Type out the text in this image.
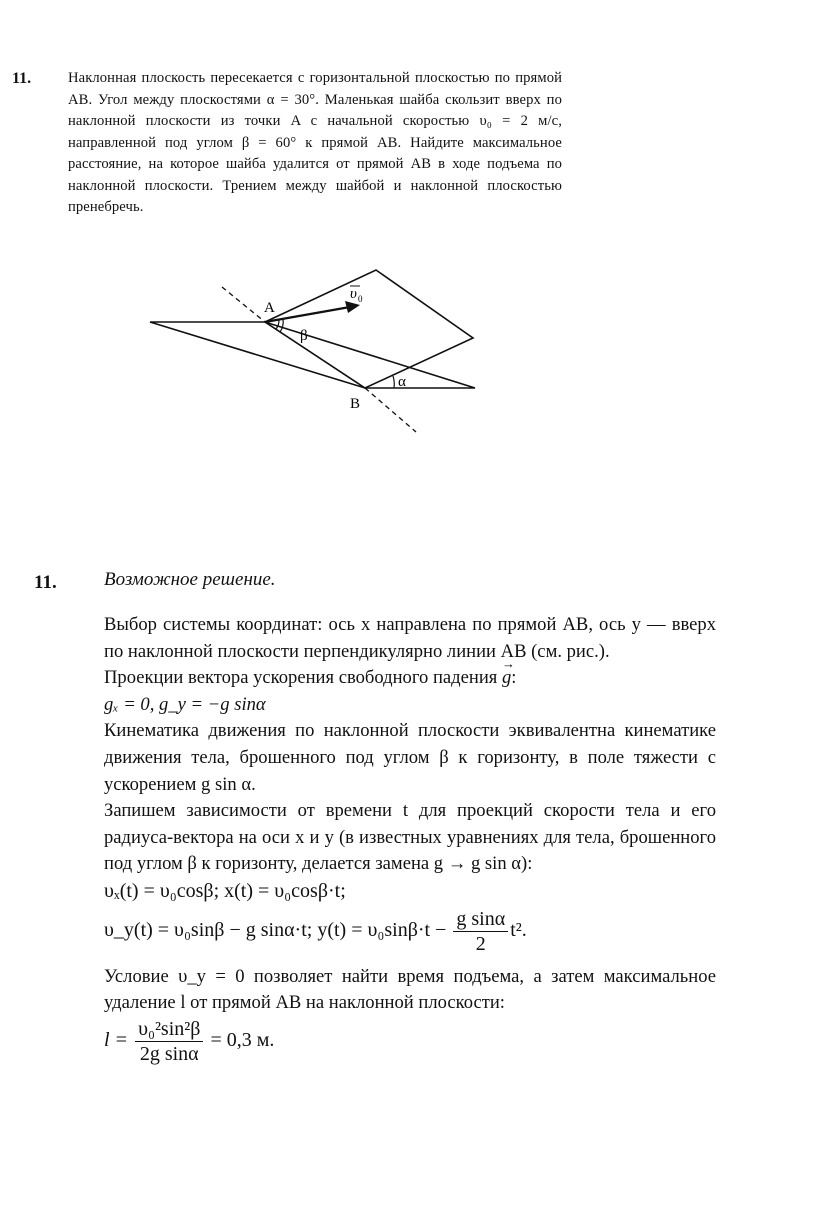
11.	Наклонная плоскость пересекается с горизонтальной плоскостью по прямой AB. Угол между плоскостями α = 30°. Маленькая шайба скользит вверх по наклонной плоскости из точки A с начальной скоростью υ₀ = 2 м/с, направленной под углом β = 60° к прямой AB. Найдите максимальное расстояние, на которое шайба удалится от прямой AB в ходе подъема по наклонной плоскости. Трением между шайбой и наклонной плоскостью пренебречь.
A
B
β
α
υ 0
11. Возможное решение.

Выбор системы координат: ось x направлена по прямой AB, ось y — вверх по наклонной плоскости перпендикулярно линии AB (см. рис.).

Проекции вектора ускорения свободного падения → g:

gₓ = 0, g_y = −g sinα

Кинематика движения по наклонной плоскости эквивалентна кинематике движения тела, брошенного под углом β к горизонту, в поле тяжести с ускорением g sin α.

Запишем зависимости от времени t для проекций скорости тела и его радиуса-вектора на оси x и y (в известных уравнениях для тела, брошенного под углом β к горизонту, делается замена g → g sin α):

υₓ(t) = υ₀cosβ; x(t) = υ₀cosβ·t;

υ_y(t) = υ₀sinβ − g sinα·t; $y(t) = \upsilon_0\sin\beta\cdot t - \frac{\text{g sinα}}{2} t^2$.

Условие υ_y = 0 позволяет найти время подъема, а затем максимальное удаление l от прямой AB на наклонной плоскости:

$l = \frac{\text{υ₀²sin²β}}{\text{2g sinα}} = 0,3$ м.
